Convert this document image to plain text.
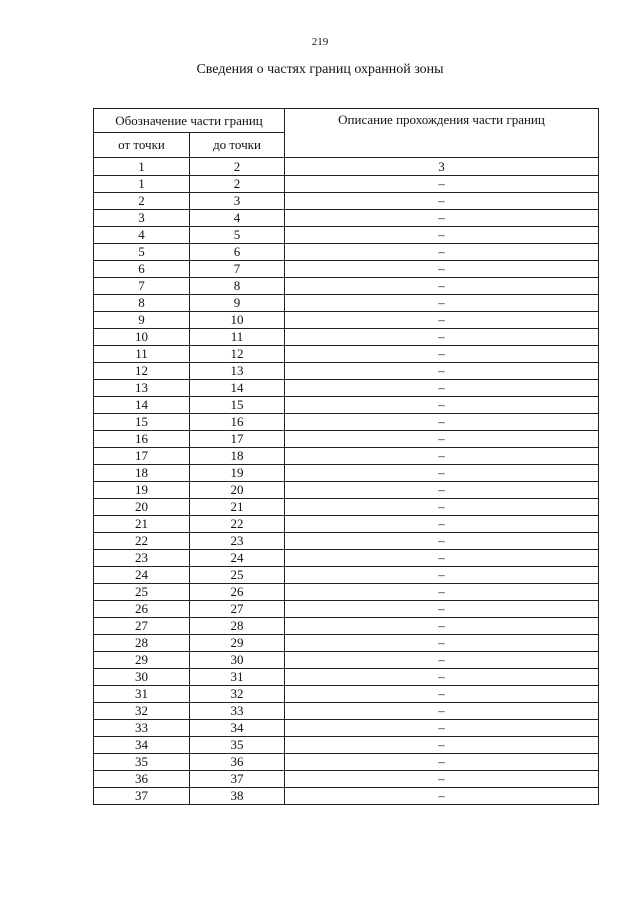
219
Сведения о частях границ охранной зоны
Обозначение части границ		Описание прохождения части границ
от точки	до точки	
1	2	3
1	2	–
2	3	–
3	4	–
4	5	–
5	6	–
6	7	–
7	8	–
8	9	–
9	10	–
10	11	–
11	12	–
12	13	–
13	14	–
14	15	–
15	16	–
16	17	–
17	18	–
18	19	–
19	20	–
20	21	–
21	22	–
22	23	–
23	24	–
24	25	–
25	26	–
26	27	–
27	28	–
28	29	–
29	30	–
30	31	–
31	32	–
32	33	–
33	34	–
34	35	–
35	36	–
36	37	–
37	38	–
